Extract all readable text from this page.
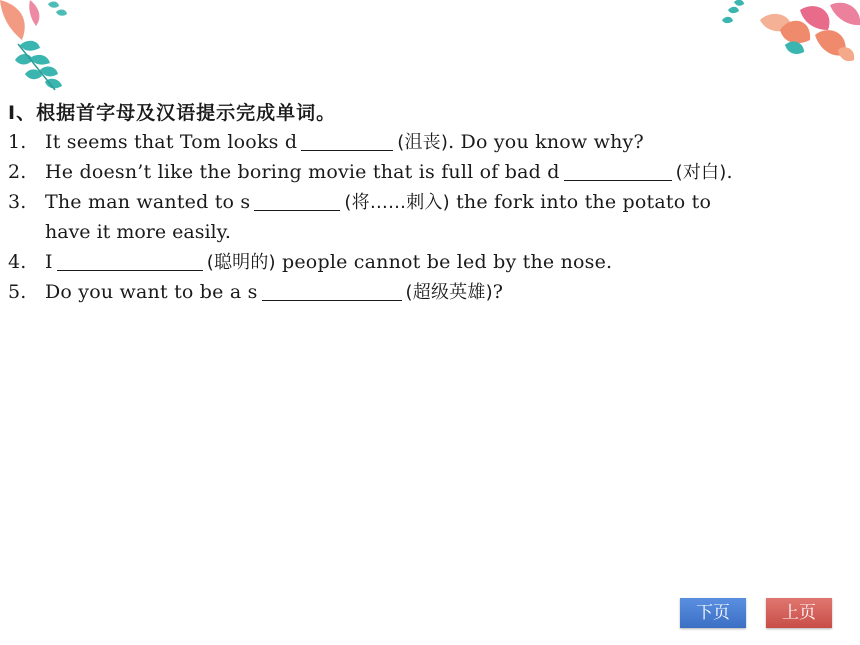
Ⅰ、根据首字母及汉语提示完成单词。
1. It seems that Tom looks d	(沮丧). Do you know why?
2. He doesn’t like the boring movie that is full of bad d	(对白).
3. The man wanted to s	(将……刺入) the fork into the potato to
have it more easily.
4. I	(聪明的) people cannot be led by the nose.
5. Do you want to be a s	(超级英雄)?
下页	上页
